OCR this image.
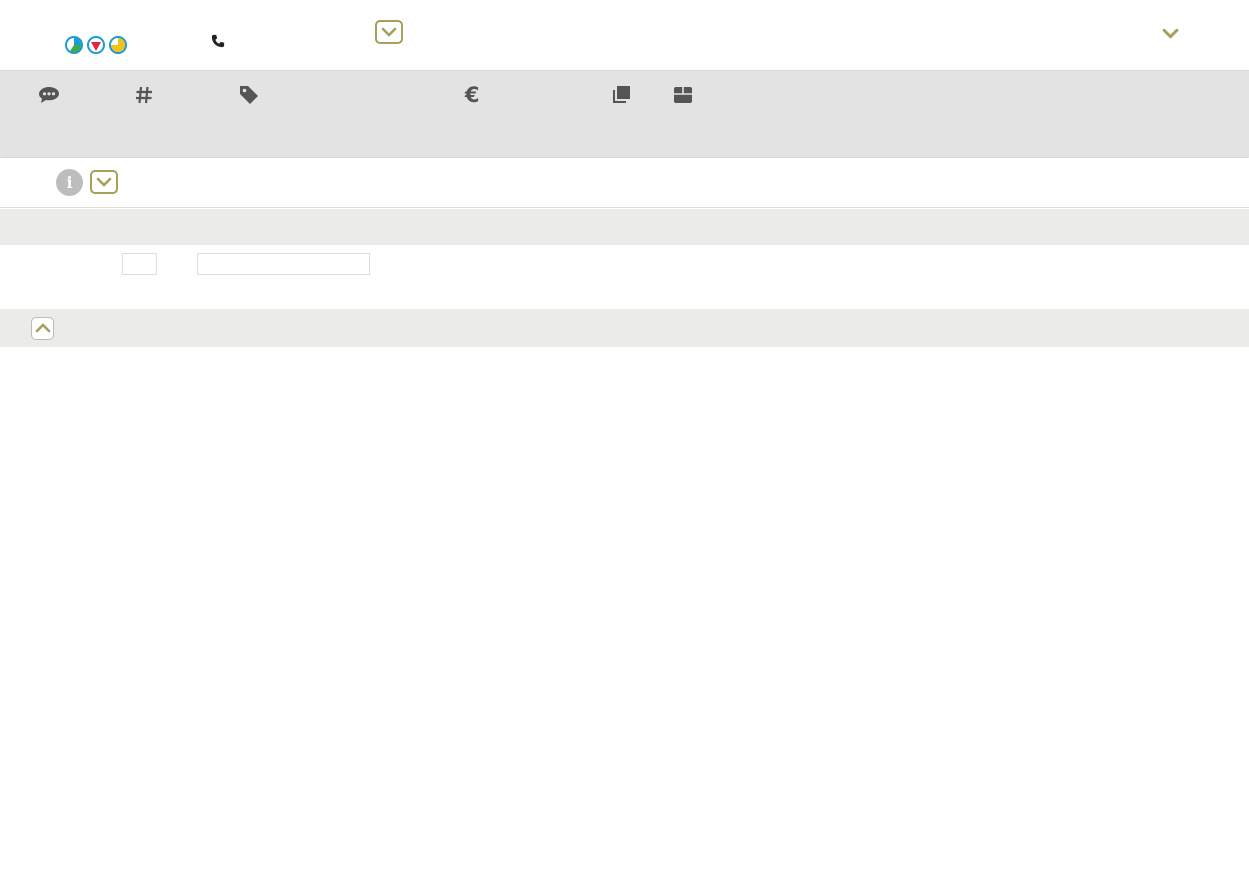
€
i
